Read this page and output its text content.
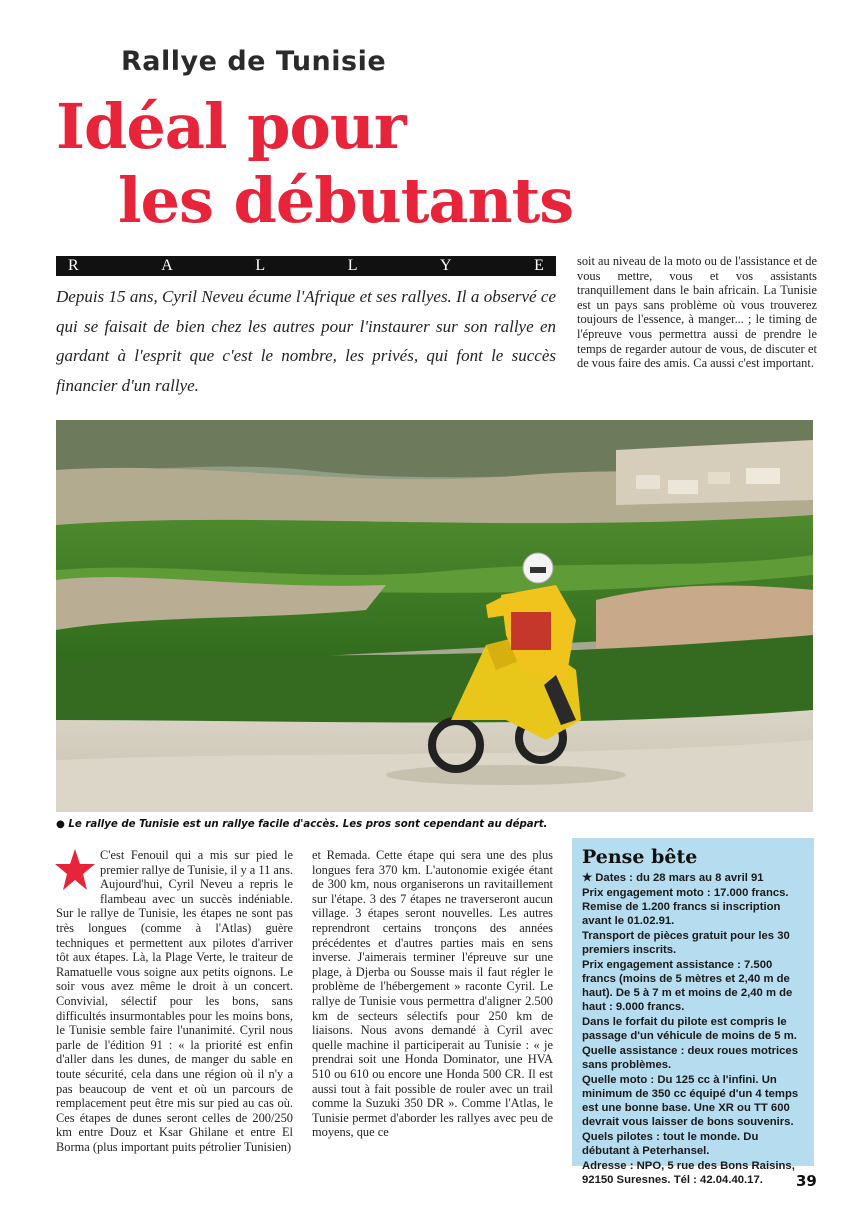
Rallye de Tunisie
Idéal pour
les débutants
R	A	L	L	Y	E
Depuis 15 ans, Cyril Neveu écume l'Afrique et ses rallyes. Il a observé ce qui se faisait de bien chez les autres pour l'instaurer sur son rallye en gardant à l'esprit que c'est le nombre, les privés, qui font le succès financier d'un rallye.
soit au niveau de la moto ou de l'assistance et de vous mettre, vous et vos assistants tranquillement dans le bain africain. La Tunisie est un pays sans problème où vous trouverez toujours de l'essence, à manger... ; le timing de l'épreuve vous permettra aussi de prendre le temps de regarder autour de vous, de discuter et de vous faire des amis. Ca aussi c'est important.
● Le rallye de Tunisie est un rallye facile d'accès. Les pros sont cependant au départ.
C'est Fenouil qui a mis sur pied le premier rallye de Tunisie, il y a 11 ans. Aujourd'hui, Cyril Neveu a repris le flambeau avec un succès indéniable. Sur le rallye de Tunisie, les étapes ne sont pas très longues (comme à l'Atlas) guère techniques et permettent aux pilotes d'arriver tôt aux étapes. Là, la Plage Verte, le traiteur de Ramatuelle vous soigne aux petits oignons. Le soir vous avez même le droit à un concert. Convivial, sélectif pour les bons, sans difficultés insurmontables pour les moins bons, le Tunisie semble faire l'unanimité. Cyril nous parle de l'édition 91 : « la priorité est enfin d'aller dans les dunes, de manger du sable en toute sécurité, cela dans une région où il n'y a pas beaucoup de vent et où un parcours de remplacement peut être mis sur pied au cas où. Ces étapes de dunes seront celles de 200/250 km entre Douz et Ksar Ghilane et entre El Borma (plus important puits pétrolier Tunisien)
et Remada. Cette étape qui sera une des plus longues fera 370 km. L'autonomie exigée étant de 300 km, nous organiserons un ravitaillement sur l'étape. 3 des 7 étapes ne traverseront aucun village. 3 étapes seront nouvelles. Les autres reprendront certains tronçons des années précédentes et d'autres parties mais en sens inverse. J'aimerais terminer l'épreuve sur une plage, à Djerba ou Sousse mais il faut régler le problème de l'hébergement » raconte Cyril. Le rallye de Tunisie vous permettra d'aligner 2.500 km de secteurs sélectifs pour 250 km de liaisons. Nous avons demandé à Cyril avec quelle machine il participerait au Tunisie : « je prendrai soit une Honda Dominator, une HVA 510 ou 610 ou encore une Honda 500 CR. Il est aussi tout à fait possible de rouler avec un trail comme la Suzuki 350 DR ». Comme l'Atlas, le Tunisie permet d'aborder les rallyes avec peu de moyens, que ce
Pense bête

★ Dates : du 28 mars au 8 avril 91

Prix engagement moto : 17.000 francs. Remise de 1.200 francs si inscription avant le 01.02.91.

Transport de pièces gratuit pour les 30 premiers inscrits.

Prix engagement assistance : 7.500 francs (moins de 5 mètres et 2,40 m de haut). De 5 à 7 m et moins de 2,40 m de haut : 9.000 francs.

Dans le forfait du pilote est compris le passage d'un véhicule de moins de 5 m.

Quelle assistance : deux roues motrices sans problèmes.

Quelle moto : Du 125 cc à l'infini. Un minimum de 350 cc équipé d'un 4 temps est une bonne base. Une XR ou TT 600 devrait vous laisser de bons souvenirs.

Quels pilotes : tout le monde. Du débutant à Peterhansel.

Adresse : NPO, 5 rue des Bons Raisins, 92150 Suresnes. Tél : 42.04.40.17.	39
